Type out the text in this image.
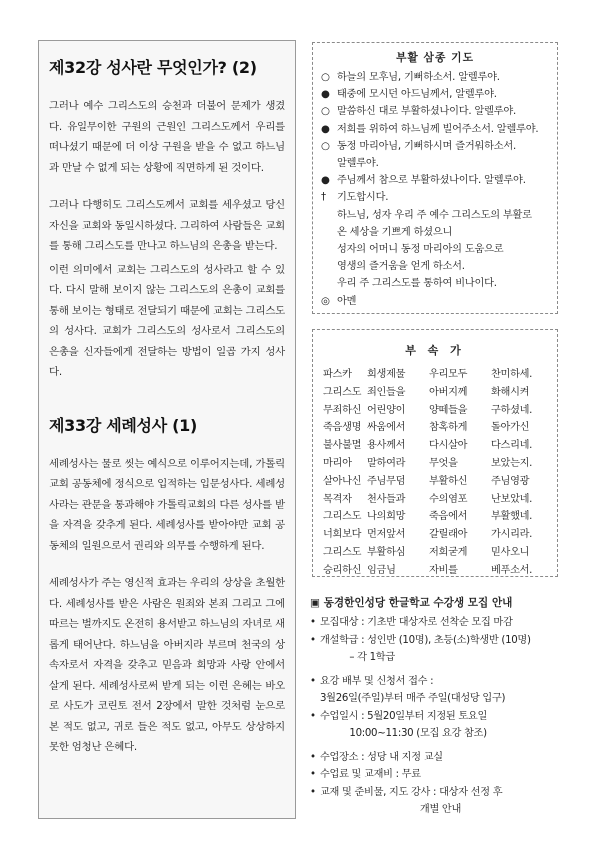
제32강 성사란 무엇인가? (2)

그러나 예수 그리스도의 승천과 더불어 문제가 생겼다. 유일무이한 구원의 근원인 그리스도께서 우리를 떠나셨기 때문에 더 이상 구원을 받을 수 없고 하느님과 만날 수 없게 되는 상황에 직면하게 된 것이다.

그러나 다행히도 그리스도께서 교회를 세우셨고 당신 자신을 교회와 동일시하셨다. 그리하여 사람들은 교회를 통해 그리스도를 만나고 하느님의 은총을 받는다.

이런 의미에서 교회는 그리스도의 성사라고 할 수 있다. 다시 말해 보이지 않는 그리스도의 은총이 교회를 통해 보이는 형태로 전달되기 때문에 교회는 그리스도의 성사다. 교회가 그리스도의 성사로서 그리스도의 은총을 신자들에게 전달하는 방법이 일곱 가지 성사다.

제33강 세례성사 (1)

세례성사는 물로 씻는 예식으로 이루어지는데, 가톨릭교회 공동체에 정식으로 입적하는 입문성사다. 세례성사라는 관문을 통과해야 가톨릭교회의 다른 성사를 받을 자격을 갖추게 된다. 세례성사를 받아야만 교회 공동체의 일원으로서 권리와 의무를 수행하게 된다.

세례성사가 주는 영신적 효과는 우리의 상상을 초월한다. 세례성사를 받은 사람은 원죄와 본죄 그리고 그에 따르는 벌까지도 온전히 용서받고 하느님의 자녀로 새롭게 태어난다. 하느님을 아버지라 부르며 천국의 상속자로서 자격을 갖추고 믿음과 희망과 사랑 안에서 살게 된다. 세례성사로써 받게 되는 이런 은혜는 바오로 사도가 코린토 전서 2장에서 말한 것처럼 눈으로 본 적도 없고, 귀로 들은 적도 없고, 아무도 상상하지 못한 엄청난 은혜다.

부활 삼종 기도
○ 하늘의 모후님, 기뻐하소서. 알렐루야.
● 태중에 모시던 아드님께서, 알렐루야.
○ 말씀하신 대로 부활하셨나이다. 알렐루야.
● 저희를 위하여 하느님께 빌어주소서. 알렐루야.
○ 동정 마리아님, 기뻐하시며 즐거워하소서.
알렐루야.
● 주님께서 참으로 부활하셨나이다. 알렐루야.
†	기도합시다.
하느님, 성자 우리 주 예수 그리스도의 부활로
온 세상을 기쁘게 하셨으니
성자의 어머니 동정 마리아의 도움으로
영생의 즐거움을 얻게 하소서.
우리 주 그리스도를 통하여 비나이다.
◎ 아멘
부 속 가
파스카	희생제물	우리모두	찬미하세.
그리스도 죄인들을	아버지께	화해시켜
무죄하신 어린양이	양떼들을	구하셨네.
죽음생명 싸움에서	참혹하게	돌아가신
불사불멸 용사께서	다시살아	다스리네.
마리아	말하여라	무엇을	보았는지.
살아나신 주님무덤	부활하신	주님영광
목격자	천사들과	수의염포	난보았네.
그리스도 나의희망	죽음에서	부활했네.
너희보다 먼저앞서	갈릴래아	가시리라.
그리스도 부활하심	저희굳게	믿사오니
승리하신 임금님	자비를	베푸소서.
▣ 동경한인성당 한글학교 수강생 모집 안내
• 모집대상 : 기초반 대상자로 선착순 모집 마감
• 개설학급 : 성인반 (10명), 초등(소)학생반 (10명)
– 각 1학급
• 요강 배부 및 신청서 접수 :
3월26일(주일)부터 매주 주일(대성당 입구)
• 수업일시 : 5월20일부터 지정된 토요일
10:00~11:30 (모집 요강 참조)
• 수업장소 : 성당 내 지정 교실
• 수업료 및 교재비 : 무료
• 교재 및 준비물, 지도 강사 : 대상자 선정 후
개별 안내
